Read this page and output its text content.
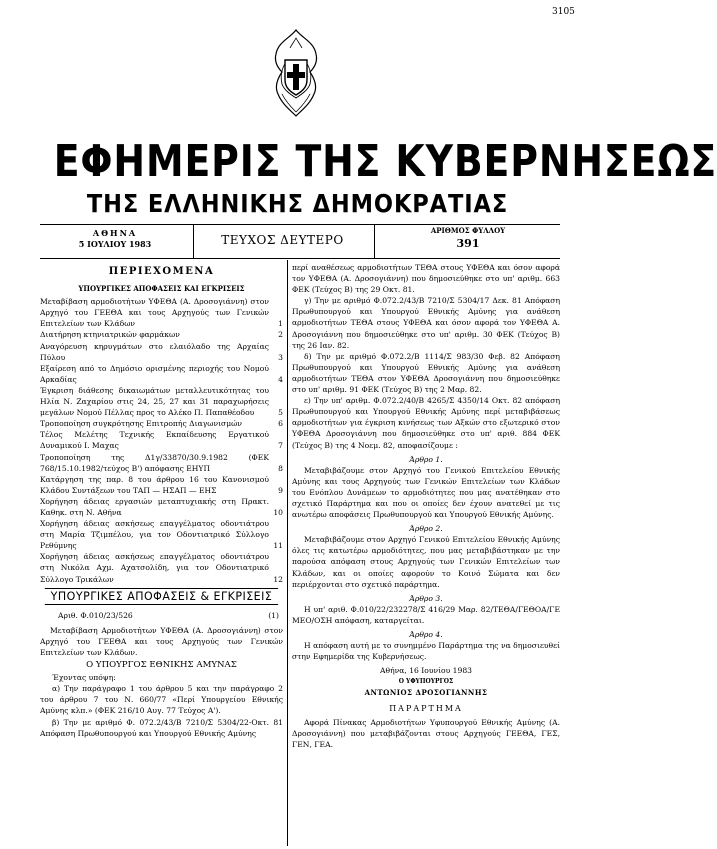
3105
ΕΦΗΜΕΡΙΣ ΤΗΣ ΚΥΒΕΡΝΗΣΕΩΣ
ΤΗΣ ΕΛΛΗΝΙΚΗΣ ΔΗΜΟΚΡΑΤΙΑΣ
ΑΘΗΝΑ
5 ΙΟΥΛΙΟΥ 1983	ΤΕΥΧΟΣ ΔΕΥΤΕΡΟ
ΑΡΙΘΜΟΣ ΦΥΛΛΟΥ
391
ΠΕΡΙΕΧΟΜΕΝΑ
ΥΠΟΥΡΓΙΚΕΣ ΑΠΟΦΑΣΕΙΣ ΚΑΙ ΕΓΚΡΙΣΕΙΣ
Μεταβίβαση αρμοδιοτήτων ΥΦΕΘΑ (Α. Δροσογιάννη) στον Αρχηγό του ΓΕΕΘΑ και τους Αρχηγούς των Γενικών Επιτελείων των Κλάδων	1
Διατήρηση κτηνιατρικών φαρμάκων	2
Αναγόρευση κηρυγμάτων στο ελαιόλαδο της Αρχαίας Πύλου	3
Εξαίρεση από το Δημόσιο ορισμένης περιοχής του Νομού Αρκαδίας	4
Έγκριση διάθεσης δικαιωμάτων μεταλλευτικότητας του Ηλία Ν. Ζαχαρίου στις 24, 25, 27 και 31 παραχωρήσεις μεγάλων Νομού Πέλλας προς το Αλέκο Π. Παπαθέοδου	5
Τροποποίηση συγκρότησης Επιτροπής Διαγωνισμών	6
Τέλος Μελέτης Τεχνικής Εκπαίδευσης Εργατικού Δυναμικού Ι. Μαχας	7
Τροποποίηση της Δ1γ/33870/30.9.1982 (ΦΕΚ 768/15.10.1982/τεύχος Β') απόφασης ΕΗΥΠ	8
Κατάργηση της παρ. 8 του άρθρου 16 του Κανονισμού Κλάδου Συντάξεων του ΤΑΠ — ΗΣΑΠ — ΕΗΣ	9
Χορήγηση άδειας εργασιών μεταπτυχιακής στη Πρακτ. Καθηκ. στη Ν. Αθήνα	10
Χορήγηση άδειας ασκήσεως επαγγέλματος οδοντιάτρου στη Μαρία Τζιμπέλου, για τον Οδοντιατρικό Σύλλογο Ρεθύμνης	11
Χορήγηση άδειας ασκήσεως επαγγέλματος οδοντιάτρου στη Νικόλα Αχμ. Αχατσολίδη, για τον Οδοντιατρικό Σύλλογο Τρικάλων	12
ΥΠΟΥΡΓΙΚΕΣ ΑΠΟΦΑΣΕΙΣ & ΕΓΚΡΙΣΕΙΣ
Αριθ. Φ.010/23/526	(1)
Μεταβίβαση Αρμοδιοτήτων ΥΦΕΘΑ (Α. Δροσογιάννη) στον Αρχηγό του ΓΕΕΘΑ και τους Αρχηγούς των Γενικών Επιτελείων των Κλάδων.
Ο ΥΠΟΥΡΓΟΣ ΕΘΝΙΚΗΣ ΑΜΥΝΑΣ
Έχοντας υπόψη:
α) Την παράγραφο 1 του άρθρου 5 και την παράγραφο 2 του άρθρου 7 του Ν. 660/77 «Περί Υπουργείου Εθνικής Αμύνης κλπ.» (ΦΕΚ 216/10 Αυγ. 77 Τεύχος Α').
β) Την με αριθμό Φ. 072.2/43/Β 7210/Σ 5304/22-Οκτ. 81 Απόφαση Πρωθυπουργού και Υπουργού Εθνικής Αμύνης
περί αναθέσεως αρμοδιοτήτων ΤΕΘΑ στους ΥΦΕΘΑ και όσον αφορά τον ΥΦΕΘΑ (Α. Δροσογιάννη) που δημοσιεύθηκε στο υπ' αριθμ. 663 ΦΕΚ (Τεύχος Β) της 29 Οκτ. 81.
γ) Την με αριθμό Φ.072.2/43/Β 7210/Σ 5304/17 Δεκ. 81 Απόφαση Πρωθυπουργού και Υπουργού Εθνικής Αμύνης για ανάθεση αρμοδιοτήτων ΤΕΘΑ στους ΥΦΕΘΑ και όσον αφορά τον ΥΦΕΘΑ Α. Δροσογιάννη που δημοσιεύθηκε στο υπ' αριθμ. 30 ΦΕΚ (Τεύχος Β) της 26 Ιαν. 82.
δ) Την με αριθμό Φ.072.2/Β 1114/Σ 983/30 Φεβ. 82 Απόφαση Πρωθυπουργού και Υπουργού Εθνικής Αμύνης για ανάθεση αρμοδιοτήτων ΤΕΘΑ στον ΥΦΕΘΑ Δροσογιάννη που δημοσιεύθηκε στο υπ' αριθμ. 91 ΦΕΚ (Τεύχος Β) της 2 Μαρ. 82.
ε) Την υπ' αριθμ. Φ.072.2/40/Β 4265/Σ 4350/14 Οκτ. 82 απόφαση Πρωθυπουργού και Υπουργού Εθνικής Αμύνης περί μεταβιβάσεως αρμοδιοτήτων για έγκριση κινήσεως των Αξκών στο εξωτερικό στον ΥΦΕΘΑ Δροσογιάννη που δημοσιεύθηκε στο υπ' αριθ. 884 ΦΕΚ (Τεύχος Β) της 4 Νοεμ. 82, αποφασίζουμε :
Άρθρο 1.
Μεταβιβάζουμε στον Αρχηγό του Γενικού Επιτελείου Εθνικής Αμύνης και τους Αρχηγούς των Γενικών Επιτελείων των Κλάδων του Ενόπλου Δυνάμεων το αρμοδιότητες που μας ανατέθηκαν στο σχετικό Παράρτημα και που οι οποίες δεν έχουν ανατεθεί με τις ανωτέρω αποφάσεις Πρωθυπουργού και Υπουργού Εθνικής Αμύνης.
Άρθρο 2.
Μεταβιβάζουμε στον Αρχηγό Γενικού Επιτελείου Εθνικής Αμύνης όλες τις κατωτέρω αρμοδιότητες, που μας μεταβιβάστηκαν με την παρούσα απόφαση στους Αρχηγούς των Γενικών Επιτελείων των Κλάδων, και οι οποίες αφορούν το Κοινό Σώματα και δεν περιέρχονται στο σχετικό παράρτημα.
Άρθρο 3.
Η υπ' αριθ. Φ.010/22/232278/Σ 416/29 Μαρ. 82/ΤΕΘΑ/ΓΕΘΟΑ/ΓΕ ΜΕΟ/ΟΣΗ απόφαση, καταργείται.
Άρθρο 4.
Η απόφαση αυτή με το συνημμένο Παράρτημα της να δημοσιευθεί στην Εφημερίδα της Κυβερνήσεως.
Αθήνα, 16 Ιουνίου 1983
Ο ΥΦΥΠΟΥΡΓΟΣ
ΑΝΤΩΝΙΟΣ ΔΡΟΣΟΓΙΑΝΝΗΣ
ΠΑΡΑΡΤΗΜΑ
Αφορά Πίνακας Αρμοδιοτήτων Υφυπουργού Εθνικής Αμύνης (Α. Δροσογιάννη) που μεταβιβάζονται στους Αρχηγούς ΓΕΕΘΑ, ΓΕΣ, ΓΕΝ, ΓΕΑ.
